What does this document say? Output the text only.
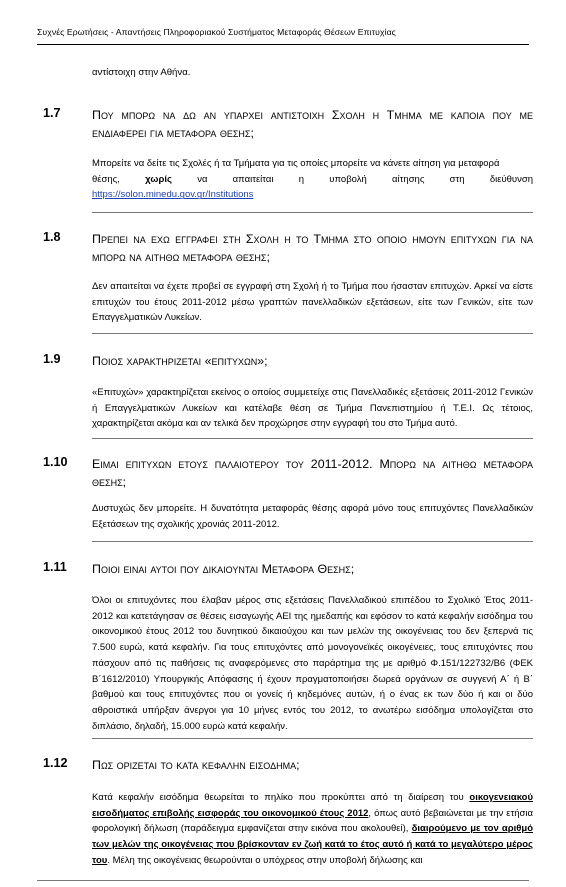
Συχνές Ερωτήσεις - Απαντήσεις Πληροφοριακού Συστήματος Μεταφοράς Θέσεων Επιτυχίας
αντίστοιχη στην Αθήνα.
1.7	Που μπορω να δω αν υπαρχει αντιστοιχη Σχολη η Τμημα με καποια που με ενδιαφερει για μεταφορα θεσης;
Μπορείτε να δείτε τις Σχολές ή τα Τμήματα για τις οποίες μπορείτε να κάνετε αίτηση για μεταφορά
θέσης,	χωρίς	να απαιτείται η υποβολή αίτησης στη διεύθυνση
https://solon.minedu.gov.gr/Institutions
1.8	Πρεπει να εχω εγγραφει στη Σχολη η το Τμημα στο οποιο ημουν επιτυχων για να μπορω να αιτηθω μεταφορα θεσης;
Δεν απαιτείται να έχετε προβεί σε εγγραφή στη Σχολή ή το Τμήμα που ήσασταν επιτυχών. Αρκεί να είστε επιτυχών του έτους 2011-2012 μέσω γραπτών πανελλαδικών εξετάσεων, είτε των Γενικών, είτε των Επαγγελματικών Λυκείων.
1.9	Ποιος χαρακτηριζεται «επιτυχων»;
«Επιτυχών» χαρακτηρίζεται εκείνος ο οποίος συμμετείχε στις Πανελλαδικές εξετάσεις 2011-2012 Γενικών ή Επαγγελματικών Λυκείων και κατέλαβε θέση σε Τμήμα Πανεπιστημίου ή Τ.Ε.Ι. Ως τέτοιος, χαρακτηρίζεται ακόμα και αν τελικά δεν προχώρησε στην εγγραφή του στο Τμήμα αυτό.
1.10 Ειμαι επιτυχων ετους παλαιοτερου του 2011-2012. Μπορω να αιτηθω μεταφορα θεσης;
Δυστυχώς δεν μπορείτε. Η δυνατότητα μεταφοράς θέσης αφορά μόνο τους επιτυχόντες Πανελλαδικών Εξετάσεων της σχολικής χρονιάς 2011-2012.
1.11 Ποιοι ειναι αυτοι που δικαιουνται Μεταφορα Θεσης;
Όλοι οι επιτυχόντες που έλαβαν μέρος στις εξετάσεις Πανελλαδικού επιπέδου το Σχολικό Έτος 2011-2012 και κατετάγησαν σε θέσεις εισαγωγής ΑΕΙ της ημεδαπής και εφόσον το κατά κεφαλήν εισόδημα του οικονομικού έτους 2012 του δυνητικού δικαιούχου και των μελών της οικογένειας του δεν ξεπερνά τις 7.500 ευρώ, κατά κεφαλήν. Για τους επιτυχόντες από μονογονεϊκές οικογένειες, τους επιτυχόντες που πάσχουν από τις παθήσεις τις αναφερόμενες στο παράρτημα της με αριθμό Φ.151/122732/Β6 (ΦΕΚ Β΄1612/2010) Υπουργικής Απόφασης ή έχουν πραγματοποιήσει δωρεά οργάνων σε συγγενή Α΄ ή Β΄ βαθμού και τους επιτυχόντες που οι γονείς ή κηδεμόνες αυτών, ή ο ένας εκ των δύο ή και οι δύο αθροιστικά υπήρξαν άνεργοι για 10 μήνες εντός του 2012, το ανωτέρω εισόδημα υπολογίζεται στο διπλάσιο, δηλαδή, 15.000 ευρώ κατά κεφαλήν.
1.12 Πως οριζεται το κατα κεφαλην εισοδημα;
Κατά κεφαλήν εισόδημα θεωρείται το πηλίκο που προκύπτει από τη διαίρεση του οικογενειακού εισοδήματος επιβολής εισφοράς του οικονομικού έτους 2012, όπως αυτό βεβαιώνεται με την ετήσια φορολογική δήλωση (παράδειγμα εμφανίζεται στην εικόνα που ακολουθεί), διαιρούμενο με τον αριθμό των μελών της οικογένειας που βρίσκονταν εν ζωή κατά το έτος αυτό ή κατά το μεγαλύτερο μέρος του. Μέλη της οικογένειας θεωρούνται ο υπόχρεος στην υποβολή δήλωσης και
